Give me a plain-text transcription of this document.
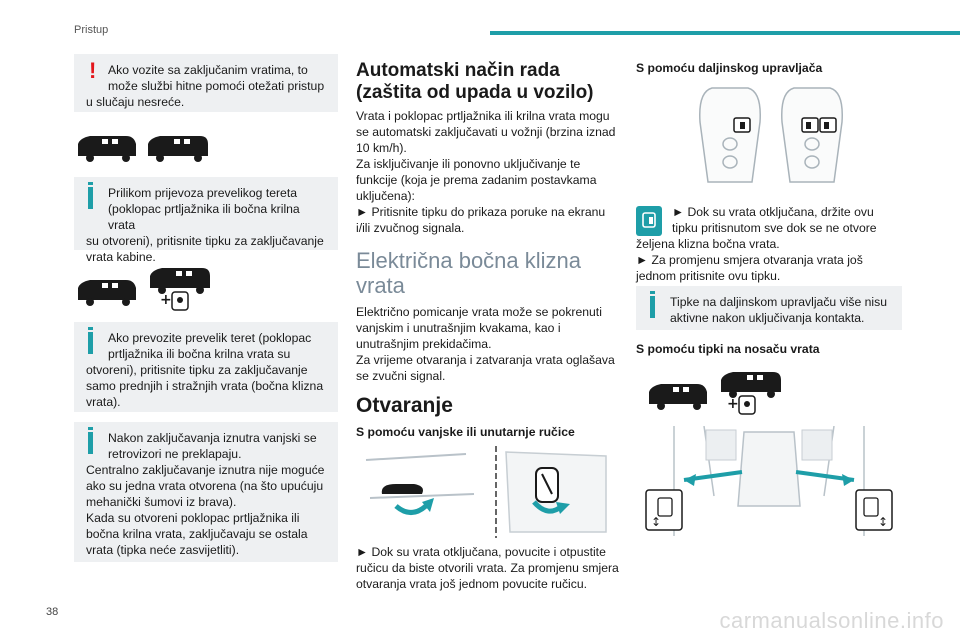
Pristup
! Ako vozite sa zaključanim vratima, to može službi hitne pomoći otežati pristup
u slučaju nesreće.
Prilikom prijevoza prevelikog tereta (poklopac prtljažnika ili bočna krilna vrata
su otvoreni), pritisnite tipku za zaključavanje vrata kabine.
+
Ako prevozite prevelik teret (poklopac prtljažnika ili bočna krilna vrata su
otvoreni), pritisnite tipku za zaključavanje samo prednjih i stražnjih vrata (bočna klizna vrata).
Nakon zaključavanja iznutra vanjski se retrovizori ne preklapaju.
Centralno zaključavanje iznutra nije moguće ako su jedna vrata otvorena (na što upućuju mehanički šumovi iz brava).
Kada su otvoreni poklopac prtljažnika ili bočna krilna vrata, zaključavaju se ostala vrata (tipka neće zasvijetliti).
38
Automatski način rada (zaštita od upada u vozilo)
Vrata i poklopac prtljažnika ili krilna vrata mogu se automatski zaključavati u vožnji (brzina iznad 10 km/h).
Za isključivanje ili ponovno uključivanje te funkcije (koja je prema zadanim postavkama uključena):
► Pritisnite tipku do prikaza poruke na ekranu i/ili zvučnog signala.
Električna bočna klizna vrata
Električno pomicanje vrata može se pokrenuti vanjskim i unutrašnjim kvakama, kao i unutrašnjim prekidačima.
Za vrijeme otvaranja i zatvaranja vrata oglašava se zvučni signal.
Otvaranje
S pomoću vanjske ili unutarnje ručice
► Dok su vrata otključana, povucite i otpustite ručicu da biste otvorili vrata. Za promjenu smjera otvaranja vrata još jednom povucite ručicu.
S pomoću daljinskog upravljača
► Dok su vrata otključana, držite ovu tipku pritisnutom sve dok se ne otvore
željena klizna bočna vrata.
► Za promjenu smjera otvaranja vrata još jednom pritisnite ovu tipku.
Tipke na daljinskom upravljaču više nisu aktivne nakon uključivanja kontakta.
S pomoću tipki na nosaču vrata
+
↕	↕
carmanualsonline.info
